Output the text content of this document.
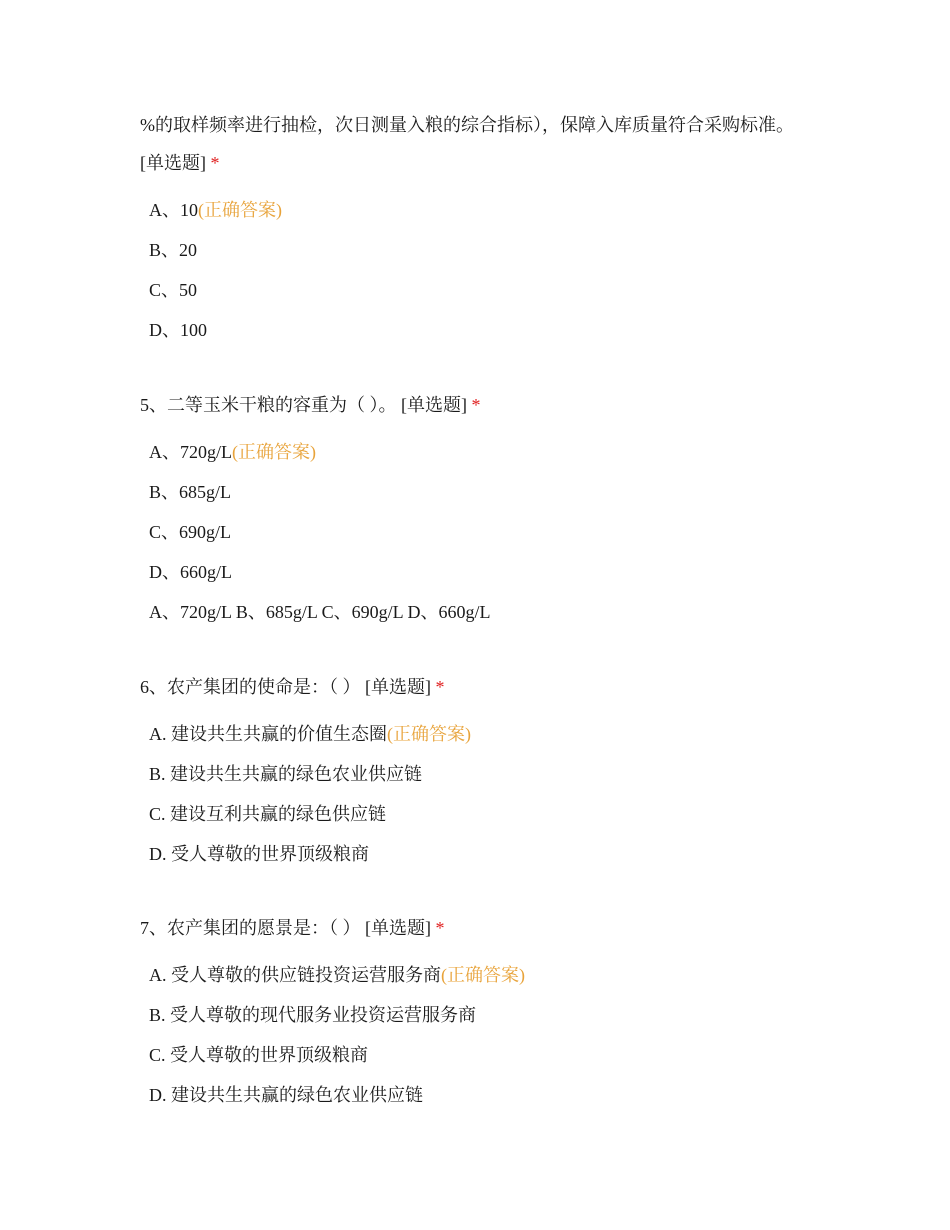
%的取样频率进行抽检，次日测量入粮的综合指标），保障入库质量符合采购标准。 [单选题] *

A、10(正确答案)
B、20
C、50
D、100

5、二等玉米干粮的容重为（ ）。 [单选题] *

A、720g/L(正确答案)
B、685g/L
C、690g/L
D、660g/L
A、720g/L B、685g/L C、690g/L D、660g/L

6、农产集团的使命是：（ ） [单选题] *

A. 建设共生共赢的价值生态圈(正确答案)
B. 建设共生共赢的绿色农业供应链
C. 建设互利共赢的绿色供应链
D. 受人尊敬的世界顶级粮商

7、农产集团的愿景是：（ ） [单选题] *

A. 受人尊敬的供应链投资运营服务商(正确答案)
B. 受人尊敬的现代服务业投资运营服务商
C. 受人尊敬的世界顶级粮商
D. 建设共生共赢的绿色农业供应链
